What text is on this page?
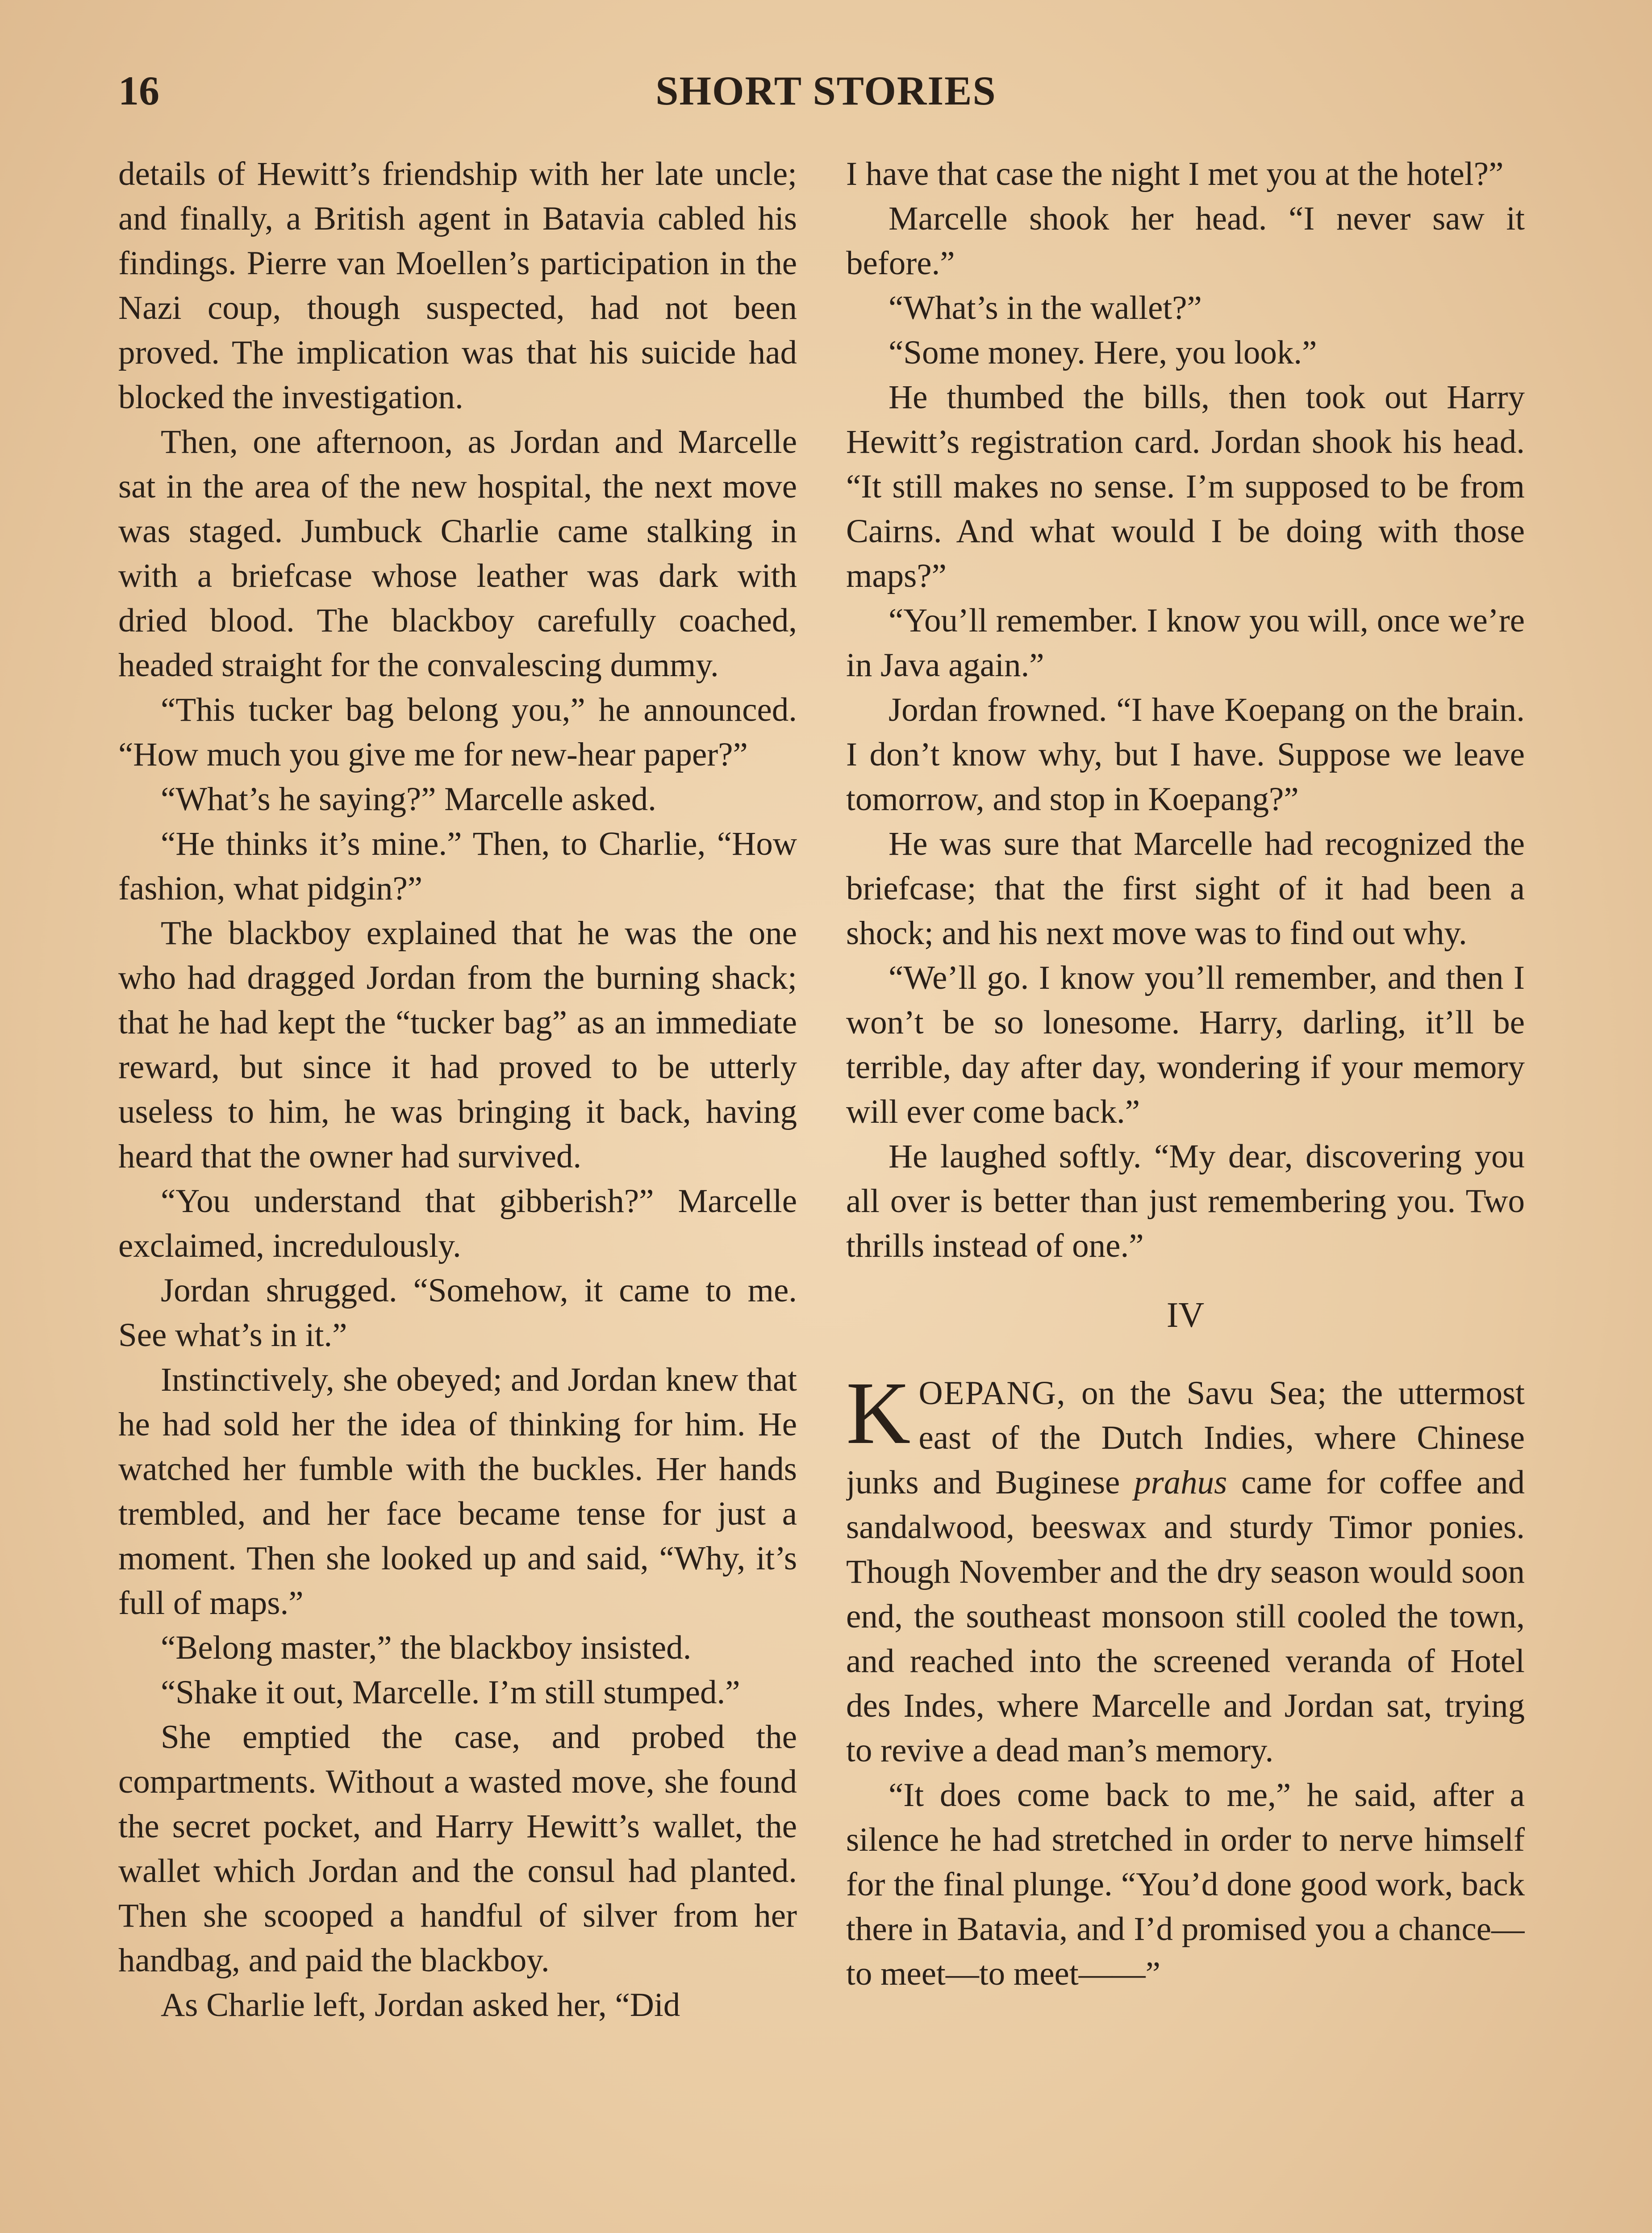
16	SHORT STORIES

details of Hewitt’s friendship with her late uncle; and finally, a British agent in Batavia cabled his findings. Pierre van Moellen’s participation in the Nazi coup, though suspected, had not been proved. The implication was that his suicide had blocked the investigation.

Then, one afternoon, as Jordan and Marcelle sat in the area of the new hospital, the next move was staged. Jumbuck Charlie came stalking in with a briefcase whose leather was dark with dried blood. The blackboy carefully coached, headed straight for the convalescing dummy.

“This tucker bag belong you,” he announced. “How much you give me for new-hear paper?”

“What’s he saying?” Marcelle asked.

“He thinks it’s mine.” Then, to Charlie, “How fashion, what pidgin?”

The blackboy explained that he was the one who had dragged Jordan from the burning shack; that he had kept the “tucker bag” as an immediate reward, but since it had proved to be utterly useless to him, he was bringing it back, having heard that the owner had survived.

“You understand that gibberish?” Marcelle exclaimed, incredulously.

Jordan shrugged. “Somehow, it came to me. See what’s in it.”

Instinctively, she obeyed; and Jordan knew that he had sold her the idea of thinking for him. He watched her fumble with the buckles. Her hands trembled, and her face became tense for just a moment. Then she looked up and said, “Why, it’s full of maps.”

“Belong master,” the blackboy insisted.

“Shake it out, Marcelle. I’m still stumped.”

She emptied the case, and probed the compartments. Without a wasted move, she found the secret pocket, and Harry Hewitt’s wallet, the wallet which Jordan and the consul had planted. Then she scooped a handful of silver from her handbag, and paid the blackboy.

As Charlie left, Jordan asked her, “Did

I have that case the night I met you at the hotel?”

Marcelle shook her head. “I never saw it before.”

“What’s in the wallet?”

“Some money. Here, you look.”

He thumbed the bills, then took out Harry Hewitt’s registration card. Jordan shook his head. “It still makes no sense. I’m supposed to be from Cairns. And what would I be doing with those maps?”

“You’ll remember. I know you will, once we’re in Java again.”

Jordan frowned. “I have Koepang on the brain. I don’t know why, but I have. Suppose we leave tomorrow, and stop in Koepang?”

He was sure that Marcelle had recognized the briefcase; that the first sight of it had been a shock; and his next move was to find out why.

“We’ll go. I know you’ll remember, and then I won’t be so lonesome. Harry, darling, it’ll be terrible, day after day, wondering if your memory will ever come back.”

He laughed softly. “My dear, discovering you all over is better than just remembering you. Two thrills instead of one.”

IV

KOEPANG, on the Savu Sea; the uttermost east of the Dutch Indies, where Chinese junks and Buginese prahus came for coffee and sandalwood, beeswax and sturdy Timor ponies. Though November and the dry season would soon end, the southeast monsoon still cooled the town, and reached into the screened veranda of Hotel des Indes, where Marcelle and Jordan sat, trying to revive a dead man’s memory.

“It does come back to me,” he said, after a silence he had stretched in order to nerve himself for the final plunge. “You’d done good work, back there in Batavia, and I’d promised you a chance—to meet—to meet——”
